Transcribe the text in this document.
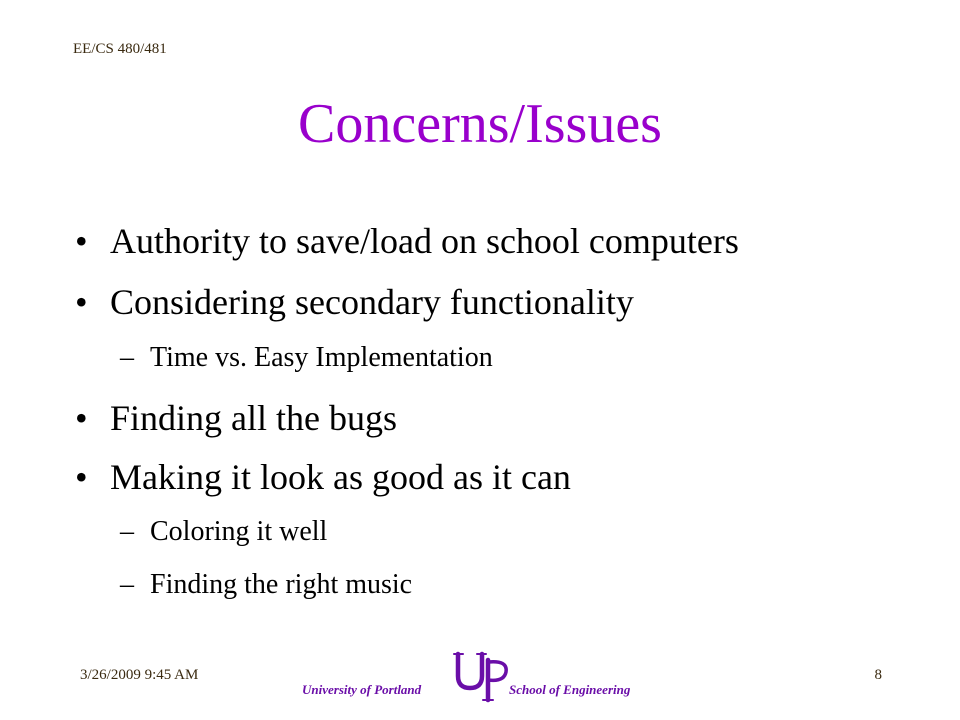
EE/CS 480/481
Concerns/Issues
• Authority to save/load on school computers
• Considering secondary functionality
– Time vs. Easy Implementation
• Finding all the bugs
• Making it look as good as it can
– Coloring it well
– Finding the right music
3/26/2009 9:45 AM
University of Portland	School of Engineering
8
